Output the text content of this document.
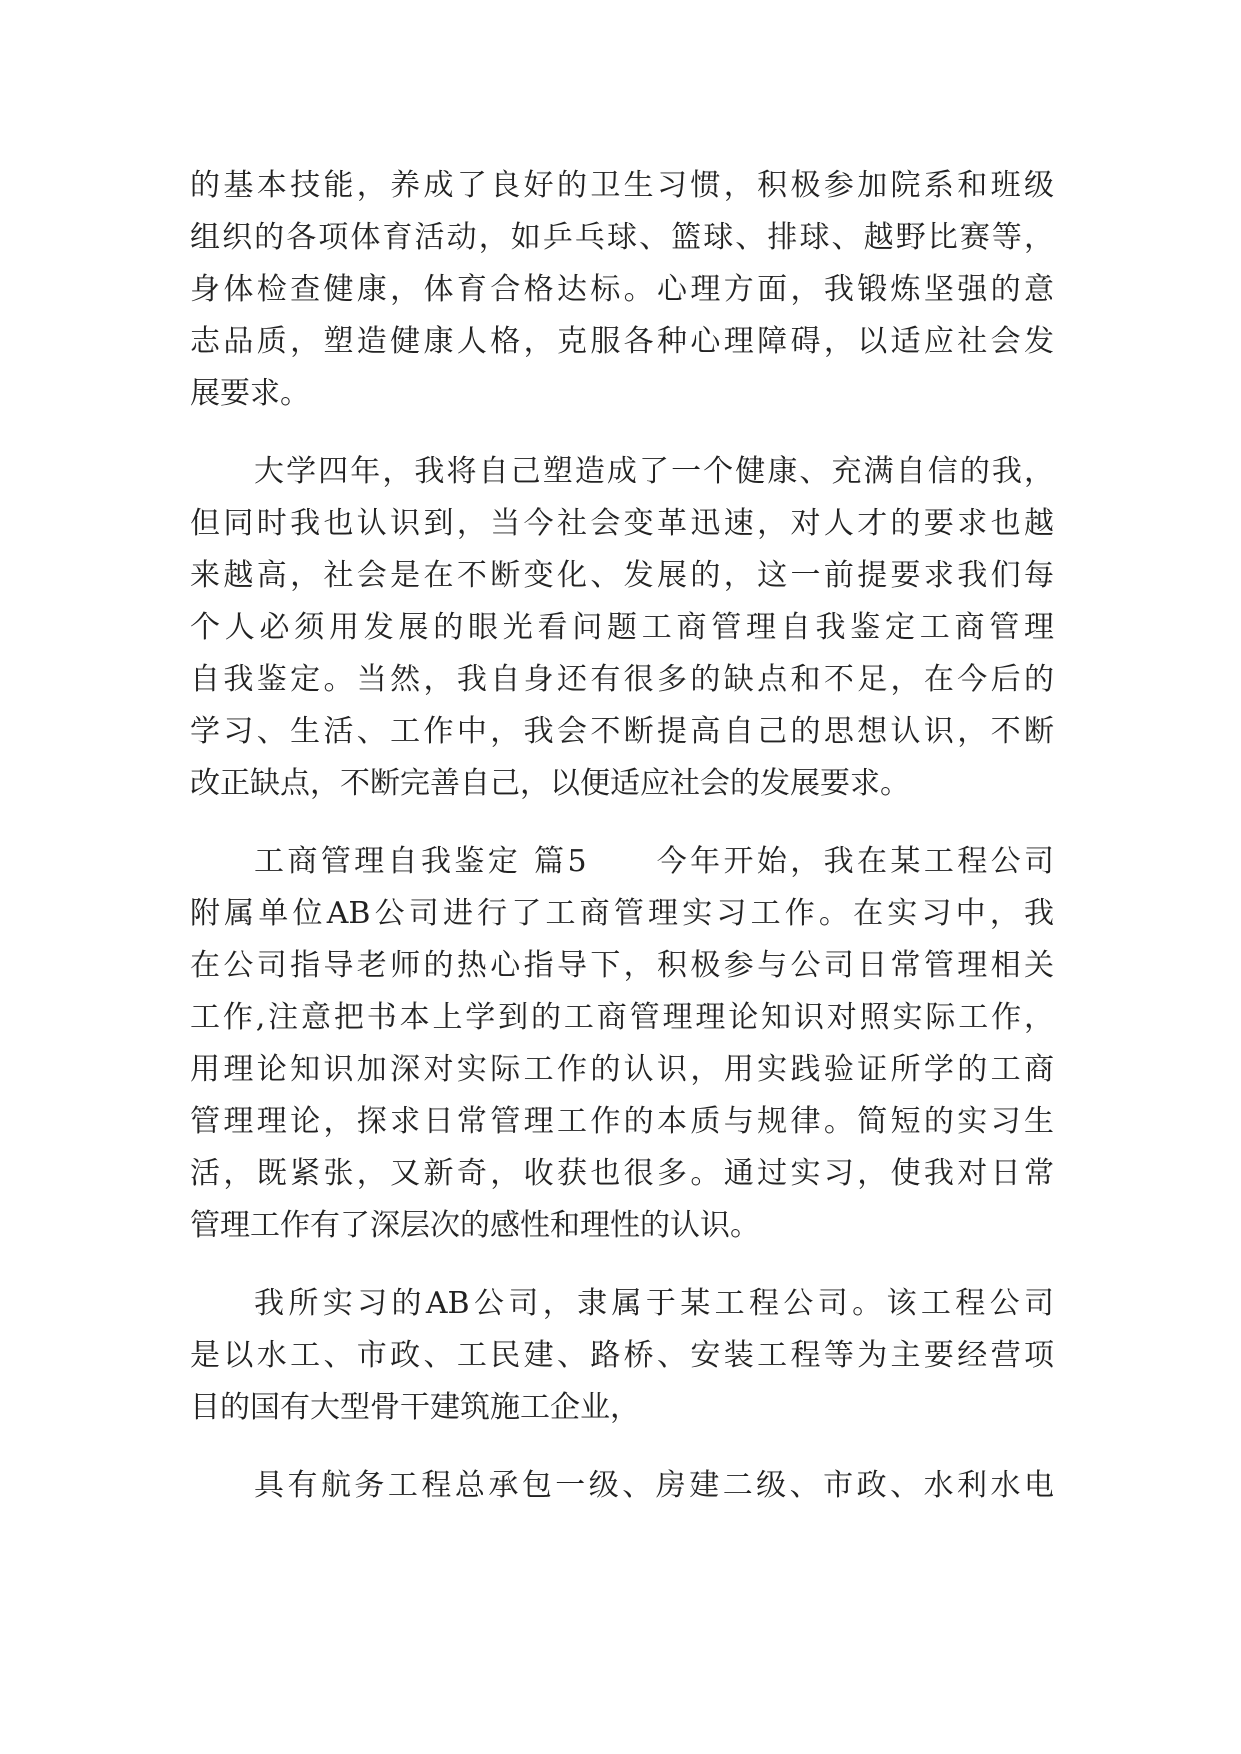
的基本技能，养成了良好的卫生习惯，积极参加院系和班级
组织的各项体育活动，如乒乓球、篮球、排球、越野比赛等，
身体检查健康，体育合格达标。心理方面，我锻炼坚强的意
志品质，塑造健康人格，克服各种心理障碍，以适应社会发
展要求。
大学四年，我将自己塑造成了一个健康、充满自信的我，
但同时我也认识到，当今社会变革迅速，对人才的要求也越
来越高，社会是在不断变化、发展的，这一前提要求我们每
个人必须用发展的眼光看问题工商管理自我鉴定工商管理
自我鉴定。当然，我自身还有很多的缺点和不足，在今后的
学习、生活、工作中，我会不断提高自己的思想认识，不断
改正缺点，不断完善自己，以便适应社会的发展要求。
工商管理自我鉴定 篇5　　今年开始，我在某工程公司
附属单位AB公司进行了工商管理实习工作。在实习中，我
在公司指导老师的热心指导下，积极参与公司日常管理相关
工作,注意把书本上学到的工商管理理论知识对照实际工作，
用理论知识加深对实际工作的认识，用实践验证所学的工商
管理理论，探求日常管理工作的本质与规律。简短的实习生
活，既紧张，又新奇，收获也很多。通过实习，使我对日常
管理工作有了深层次的感性和理性的认识。
我所实习的AB公司，隶属于某工程公司。该工程公司
是以水工、市政、工民建、路桥、安装工程等为主要经营项
目的国有大型骨干建筑施工企业，
具有航务工程总承包一级、房建二级、市政、水利水电
